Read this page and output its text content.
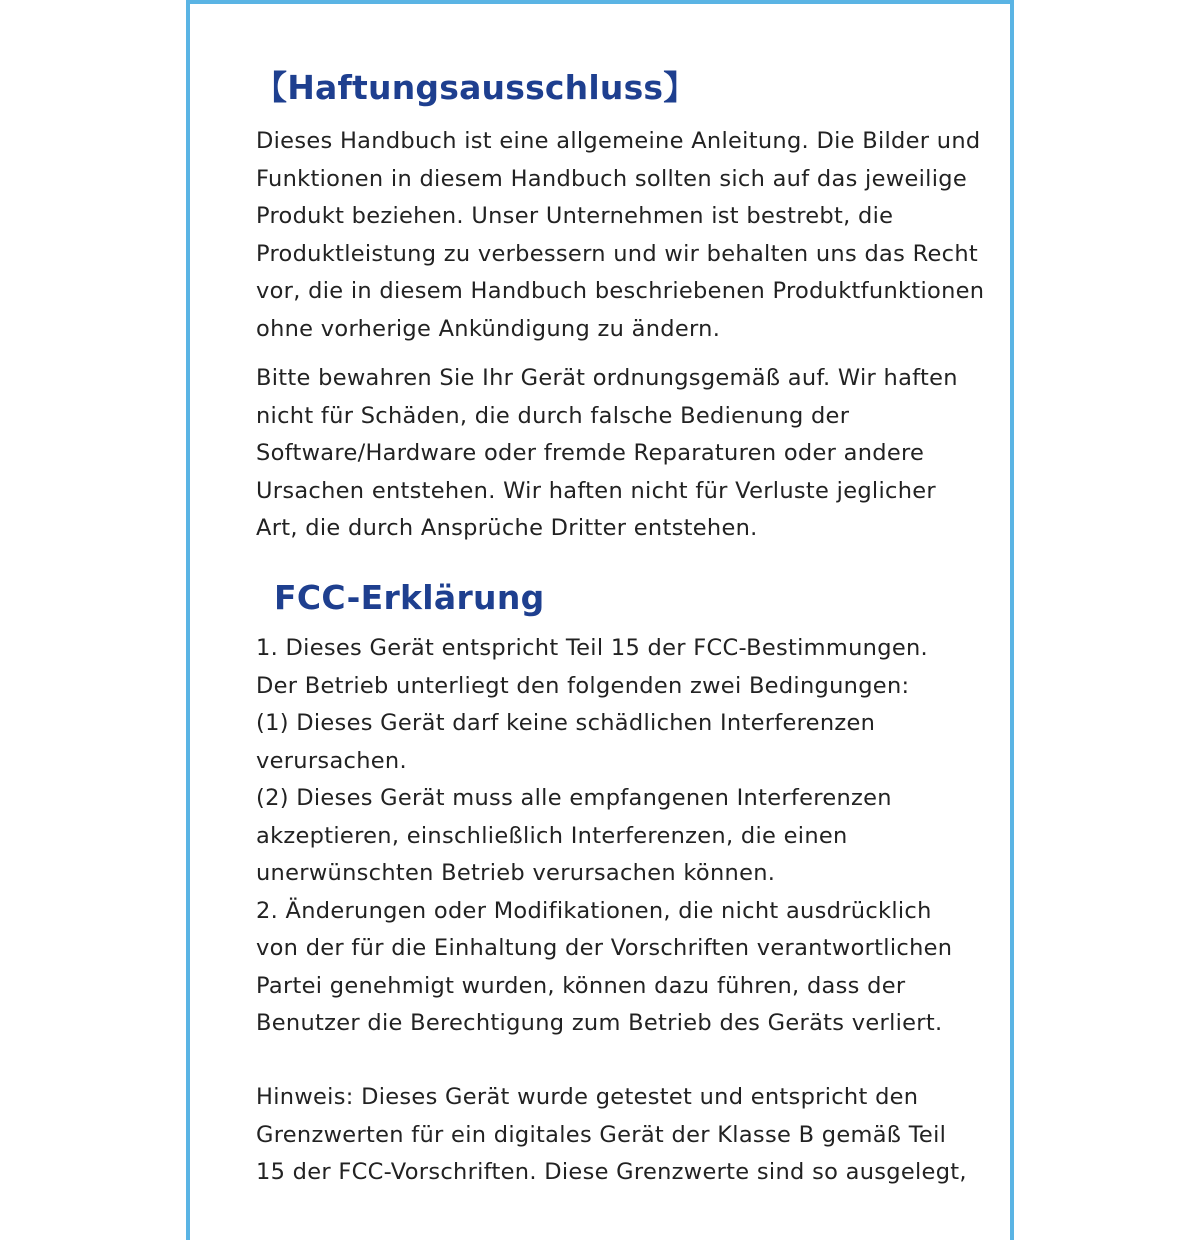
【Haftungsausschluss】

Dieses Handbuch ist eine allgemeine Anleitung. Die Bilder und
Funktionen in diesem Handbuch sollten sich auf das jeweilige
Produkt beziehen. Unser Unternehmen ist bestrebt, die
Produktleistung zu verbessern und wir behalten uns das Recht
vor, die in diesem Handbuch beschriebenen Produktfunktionen
ohne vorherige Ankündigung zu ändern.

Bitte bewahren Sie Ihr Gerät ordnungsgemäß auf. Wir haften
nicht für Schäden, die durch falsche Bedienung der
Software/Hardware oder fremde Reparaturen oder andere
Ursachen entstehen. Wir haften nicht für Verluste jeglicher
Art, die durch Ansprüche Dritter entstehen.

FCC-Erklärung

1. Dieses Gerät entspricht Teil 15 der FCC-Bestimmungen.
Der Betrieb unterliegt den folgenden zwei Bedingungen:
(1) Dieses Gerät darf keine schädlichen Interferenzen
verursachen.
(2) Dieses Gerät muss alle empfangenen Interferenzen
akzeptieren, einschließlich Interferenzen, die einen
unerwünschten Betrieb verursachen können.
2. Änderungen oder Modifikationen, die nicht ausdrücklich
von der für die Einhaltung der Vorschriften verantwortlichen
Partei genehmigt wurden, können dazu führen, dass der
Benutzer die Berechtigung zum Betrieb des Geräts verliert.

Hinweis: Dieses Gerät wurde getestet und entspricht den
Grenzwerten für ein digitales Gerät der Klasse B gemäß Teil
15 der FCC-Vorschriften. Diese Grenzwerte sind so ausgelegt,
